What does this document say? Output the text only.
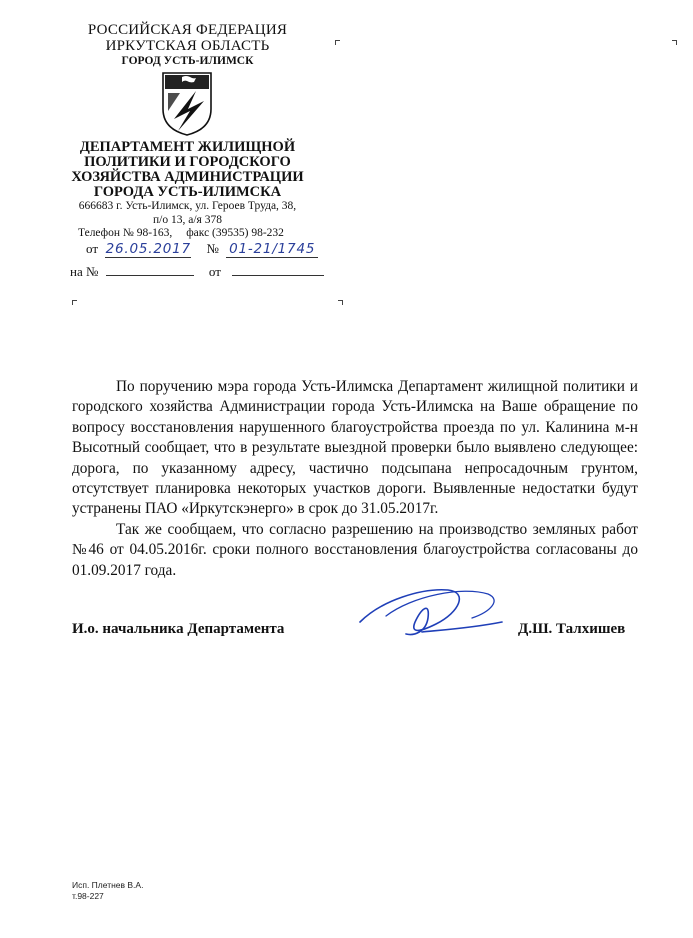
РОССИЙСКАЯ ФЕДЕРАЦИЯ
ИРКУТСКАЯ ОБЛАСТЬ
ГОРОД УСТЬ-ИЛИМСК
ДЕПАРТАМЕНТ ЖИЛИЩНОЙ
ПОЛИТИКИ И ГОРОДСКОГО
ХОЗЯЙСТВА АДМИНИСТРАЦИИ
ГОРОДА УСТЬ-ИЛИМСКА
666683 г. Усть-Илимск, ул. Героев Труда, 38,
п/о 13, а/я 378
Телефон № 98-163, факс (39535) 98-232
от 26.05.2017 № 01-21/1745
на №	от

По поручению мэра города Усть-Илимска Департамент жилищной политики и городского хозяйства Администрации города Усть-Илимска на Ваше обращение по вопросу восстановления нарушенного благоустройства проезда по ул. Калинина м-н Высотный сообщает, что в результате выездной проверки было выявлено следующее: дорога, по указанному адресу, частично подсыпана непросадочным грунтом, отсутствует планировка некоторых участков дороги. Выявленные недостатки будут устранены ПАО «Иркутскэнерго» в срок до 31.05.2017г.

Так же сообщаем, что согласно разрешению на производство земляных работ №46 от 04.05.2016г. сроки полного восстановления благоустройства согласованы до 01.09.2017 года.

И.о. начальника Департамента	Д.Ш. Талхишев
Исп. Плетнев В.А.
т.98-227
